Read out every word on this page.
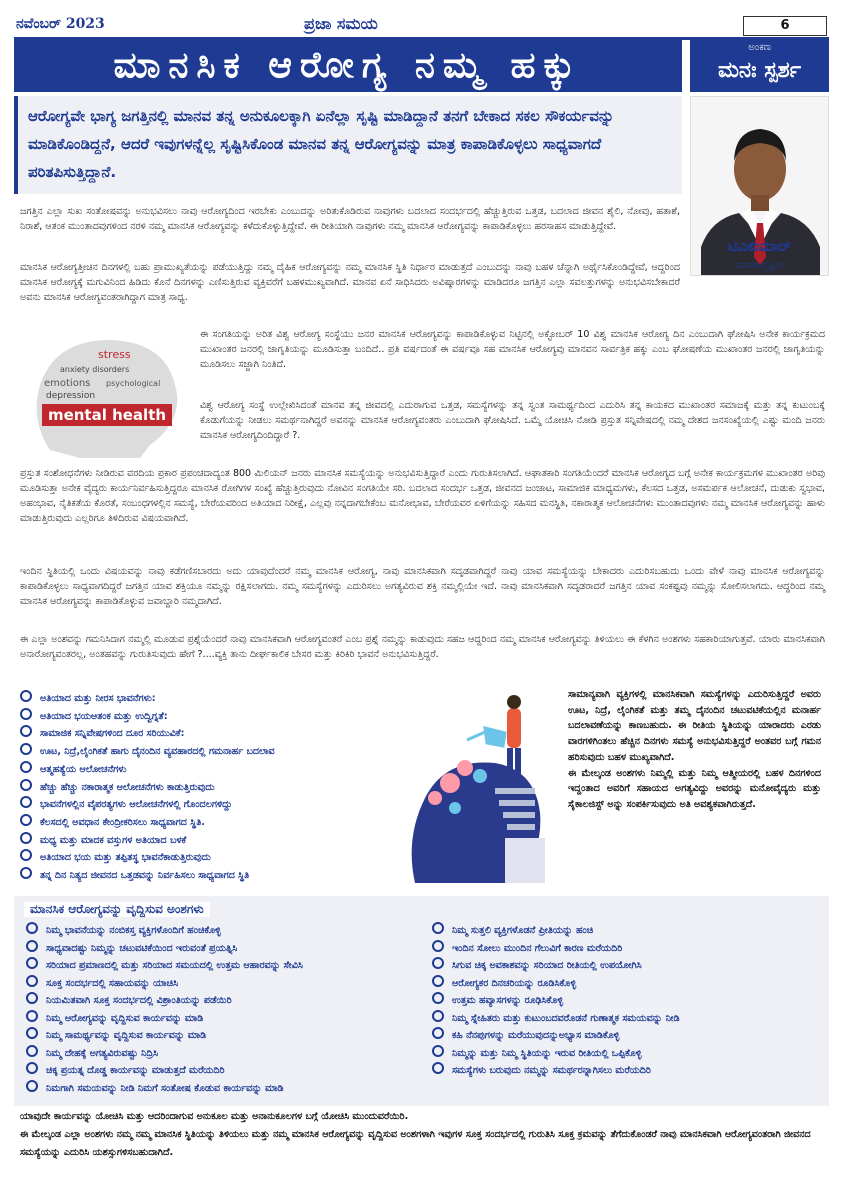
ನವೆಂಬರ್ 2023	ಪ್ರಜಾ ಸಮಯ	6
ಮಾನಸಿಕ ಆರೋಗ್ಯ ನಮ್ಮ ಹಕ್ಕು	ಅಂಕಣ
ಮನಃ ಸ್ಪರ್ಶ

ಆರೋಗ್ಯವೇ ಭಾಗ್ಯ ಜಗತ್ತಿನಲ್ಲಿ ಮಾನವ ತನ್ನ ಅನುಕೂಲಕ್ಕಾಗಿ ಏನೆಲ್ಲಾ ಸೃಷ್ಟಿ ಮಾಡಿದ್ದಾನೆ ತನಗೆ ಬೇಕಾದ ಸಕಲ ಸೌಕರ್ಯವನ್ನು ಮಾಡಿಕೊಂಡಿದ್ದನೆ, ಆದರೆ ಇವುಗಳನ್ನೆಲ್ಲ ಸೃಷ್ಟಿಸಿಕೊಂಡ ಮಾನವ ತನ್ನ ಆರೋಗ್ಯವನ್ನು ಮಾತ್ರ ಕಾಪಾಡಿಕೊಳ್ಳಲು ಸಾಧ್ಯವಾಗದೆ ಪರಿತಪಿಸುತ್ತಿದ್ದಾನೆ.

ಟಿವಿಕುಮಾರ್
ಮನಃಶಾಸ್ತ್ರಜ್ಞರು

ಜಗತ್ತಿನ ಎಲ್ಲಾ ಸುಖ ಸಂತೋಷವನ್ನು ಅನುಭವಿಸಲು ನಾವು ಆರೋಗ್ಯದಿಂದ ಇರಬೇಕು ಎಂಬುದನ್ನು ಅರಿತುಕೊಡಿರುವ ನಾವುಗಳು ಬದಲಾದ ಸಂದರ್ಭದಲ್ಲಿ ಹೆಚ್ಚುತ್ತಿರುವ ಒತ್ತಡ, ಬದಲಾದ ಜೀವನ ಶೈಲಿ, ನೋವು, ಹತಾಶೆ, ನಿರಾಶೆ, ಆತಂಕ ಮುಂತಾದವುಗಳಿಂದ ನರಳಿ ನಮ್ಮ ಮಾನಸಿಕ ಆರೋಗ್ಯವನ್ನು ಕಳೆದುಕೊಳ್ಳುತ್ತಿದ್ದೇವೆ. ಈ ರೀತಿಯಾಗಿ ನಾವುಗಳು ನಮ್ಮ ಮಾನಸಿಕ ಆರೋಗ್ಯವನ್ನು ಕಾಪಾಡಿಕೊಳ್ಳಲು ಹರಸಾಹಸ ಮಾಡುತ್ತಿದ್ದೇವೆ.

ಮಾನಸಿಕ ಆರೋಗ್ಯತ್ತೀಚಿನ ದಿನಗಳಲ್ಲಿ ಬಹು ಪ್ರಾಮುಖ್ಯತೆಯನ್ನು ಪಡೆಯುತ್ತಿದ್ದು ನಮ್ಮ ದೈಹಿಕ ಆರೋಗ್ಯವನ್ನು ನಮ್ಮ ಮಾನಸಿಕ ಸ್ಥಿತಿ ನಿರ್ಧಾರ ಮಾಡುತ್ತದೆ ಎಂಬುದನ್ನು ನಾವು ಬಹಳ ಚೆನ್ನಾಗಿ ಅರ್ಥೈಸಿಕೊಂಡಿದ್ದೇವೆ, ಆದ್ದರಿಂದ ಮಾನಸಿಕ ಆರೋಗ್ಯಕ್ಕೆ ಮಗುವಿನಿಂದ ಹಿಡಿದು ಕೊನೆ ದಿನಗಳನ್ನು ಎಣಿಸುತ್ತಿರುವ ವ್ಯಕ್ತಿವರೆಗೆ ಬಹಳಮುಖ್ಯವಾಗಿದೆ. ಮಾನವ ಏನೆ ಸಾಧಿಸಿದರು ಅವಿಷ್ಕಾರಗಳನ್ನು ಮಾಡಿದರೂ ಜಗತ್ತಿನ ಎಲ್ಲಾ ಸವಲತ್ತುಗಳನ್ನು ಅನುಭವಿಸಬೇಕಾದರೆ ಅವನು ಮಾನಸಿಕ ಆರೋಗ್ಯವಂತರಾಗಿದ್ದಾಗ ಮಾತ್ರ ಸಾಧ್ಯ.

stress
anxiety disorders
emotions psychological
depression
mental health

ಈ ಸಂಗತಿಯನ್ನು ಅರಿತ ವಿಶ್ವ ಆರೋಗ್ಯ ಸಂಸ್ಥೆಯು ಜನರ ಮಾನಸಿಕ ಆರೋಗ್ಯವನ್ನು ಕಾಪಾಡಿಕೊಳ್ಳುವ ನಿಟ್ಟಿನಲ್ಲಿ ಅಕ್ಟೋಬರ್ 10 ವಿಶ್ವ ಮಾನಸಿಕ ಆರೋಗ್ಯ ದಿನ ಎಂಬುದಾಗಿ ಘೋಷಿಸಿ ಅನೇಕ ಕಾರ್ಯಕ್ರಮದ ಮುಖಾಂತರ ಜನರಲ್ಲಿ ಜಾಗೃತಿಯನ್ನು ಮೂಡಿಸುತ್ತಾ ಬಂದಿದೆ.. ಪ್ರತಿ ವರ್ಷದಂತೆ ಈ ವರ್ಷವೂ ಸಹ ಮಾನಸಿಕ ಆರೋಗ್ಯವು ಮಾನವನ ಸಾರ್ವತ್ರಿಕ ಹಕ್ಕು ಎಂಬ ಘೋಷಣೆಯ ಮುಖಾಂತರ ಜನರಲ್ಲಿ ಜಾಗೃತಿಯನ್ನು ಮೂಡಿಸಲು ಸಜ್ಜಾಗಿ ನಿಂತಿದೆ.

ವಿಶ್ವ ಆರೋಗ್ಯ ಸಂಸ್ಥೆ ಉಲ್ಲೇಖಿಸಿದಂತೆ ಮಾನವ ತನ್ನ ಜೀವದಲ್ಲಿ ಎದುರಾಗುವ ಒತ್ತಡ, ಸಮಸ್ಯೆಗಳನ್ನು ತನ್ನ ಸ್ವಂತ ಸಾಮರ್ಥ್ಯದಿಂದ ಎದುರಿಸಿ ತನ್ನ ಕಾಯಕದ ಮುಖಾಂತರ ಸಮಾಜಕ್ಕೆ ಮತ್ತು ತನ್ನ ಕುಟುಂಬಕ್ಕೆ ಕೊಡುಗೆಯನ್ನು ನೀಡಲು ಸಮರ್ಥನಾಗಿದ್ದರೆ ಅವನನ್ನು ಮಾನಸಿಕ ಆರೋಗ್ಯವಂತರು ಎಂಬುದಾಗಿ ಘೋಷಿಸಿದೆ. ಒಮ್ಮೆ ಯೋಚಿಸಿ ನೋಡಿ ಪ್ರಸ್ತುತ ಸನ್ನಿವೇಷದಲ್ಲಿ ನಮ್ಮ ದೇಶದ ಜನಸಂಖ್ಯೆಯಲ್ಲಿ ಎಷ್ಟು ಮಂದಿ ಜನರು ಮಾನಸಿಕ ಆರೋಗ್ಯದಿಂದಿದ್ದಾರೆ ?.

ಪ್ರಸ್ತುತ ಸಂಶೋಧನೆಗಳು ನೀಡಿರುವ ವರದಿಯ ಪ್ರಕಾರ ಪ್ರಪಂಚದಾದ್ಯಂತ 800 ಮಿಲಿಯನ್ ಜನರು ಮಾನಸಿಕ ಸಮಸ್ಯೆಯನ್ನು ಅನುಭವಿಸುತ್ತಿದ್ದಾರೆ ಎಂದು ಗುರುತಿಸಲಾಗಿದೆ. ಆಘಾತಕಾರಿ ಸಂಗತಿಯೆಂದರೆ ಮಾನಸಿಕ ಆರೋಗ್ಯದ ಬಗ್ಗೆ ಅನೇಕ ಕಾರ್ಯಕ್ರಮಗಳ ಮುಖಾಂತರ ಅರಿವು ಮೂಡಿಸುತ್ತಾ ಅನೇಕ ವೈದ್ಯರು ಕಾರ್ಯನಿರ್ವಹಿಸುತ್ತಿದ್ದರೂ ಮಾನಸಿಕ ರೋಗಿಗಳ ಸಂಖ್ಯೆ ಹೆಚ್ಚುತ್ತಿರುವುದು ನೋವಿನ ಸಂಗತಿಯೇ ಸರಿ. ಬದಲಾದ ಸಂದರ್ಭ ಒತ್ತಡ, ಜೀವನದ ಜಂಜಾಟ, ಸಾಮಾಜಿಕ ಮಾಧ್ಯಮಗಳು, ಕೆಲಸದ ಒತ್ತಡ, ಅಸಮರ್ಪಕ ಆಲೋಚನೆ, ದುಡುಕು ಸ್ವಭಾವ, ಅಹಂಭಾವ, ನೈತಿಕತೆಯ ಕೊರತೆ, ಸಂಬಂಧಗಳಲ್ಲಿನ ಸಮಸ್ಯೆ, ಬೇರೆಯವರಿಂದ ಅತಿಯಾದ ನಿರೀಕ್ಷೆ, ಎಲ್ಲವು ನನ್ನದಾಗಬೇಕೆಂಬ ಮನೋಭಾವ, ಬೇರೆಯವರ ಏಳಿಗೆಯನ್ನು ಸಹಿಸದ ಮನಸ್ಥಿತಿ, ನಕಾರಾತ್ಮಕ ಆಲೋಚನೆಗಳು ಮುಂತಾದವುಗಳು ನಮ್ಮ ಮಾನಸಿಕ ಆರೋಗ್ಯವನ್ನು ಹಾಳು ಮಾಡುತ್ತಿರುವುದು ಎಲ್ಲರಿಗೂ ತಿಳಿದಿರುವ ವಿಷಯವಾಗಿದೆ.

ಇಂದಿನ ಸ್ಥಿತಿಯಲ್ಲಿ ಒಂದು ವಿಷಯವನ್ನು ನಾವು ಕಡೆಗಣಿಸಬಾರದು ಅದು ಯಾವುದೆಂದರೆ ನಮ್ಮ ಮಾನಸಿಕ ಆರೋಗ್ಯ, ನಾವು ಮಾನಸಿಕವಾಗಿ ಸದೃಡವಾಗಿದ್ದರೆ ನಾವು ಯಾವ ಸಮಸ್ಯೆಯನ್ನು ಬೇಕಾದರು ಎದುರಿಸಬಹುದು ಒಂದು ವೇಳೆ ನಾವು ಮಾನಸಿಕ ಆರೋಗ್ಯವನ್ನು ಕಾಪಾಡಿಕೊಳ್ಳಲು ಸಾಧ್ಯವಾಗದಿದ್ದರೆ ಜಗತ್ತಿನ ಯಾವ ಶಕ್ತಿಯೂ ನಮ್ಮನ್ನು ರಕ್ಷಿಸಲಾಗದು. ನಮ್ಮ ಸಮಸ್ಯೆಗಳನ್ನು ಎದುರಿಸಲು ಅಗತ್ಯವಿರುವ ಶಕ್ತಿ ನಮ್ಮಲ್ಲಿಯೇ ಇದೆ. ನಾವು ಮಾನಸಿಕವಾಗಿ ಸದೃಡರಾದರೆ ಜಗತ್ತಿನ ಯಾವ ಸಂಕಷ್ಟವು ನಮ್ಮನ್ನು ಸೋಲಿಸಲಾಗದು. ಆದ್ದರಿಂದ ನಮ್ಮ ಮಾನಸಿಕ ಆರೋಗ್ಯವನ್ನು ಕಾಪಾಡಿಕೊಳ್ಳುವ ಜವಾಬ್ದಾರಿ ನಮ್ಮದಾಗಿದೆ.

ಈ ಎಲ್ಲಾ ಅಂಶವನ್ನು ಗಮನಿಸಿದಾಗ ನಮ್ಮಲ್ಲಿ ಮೂಡುವ ಪ್ರಶ್ನೆಯೆಂದರೆ ನಾವು ಮಾನಸಿಕವಾಗಿ ಆರೋಗ್ಯವಂತರೆ ಎಂಬ ಪ್ರಶ್ನೆ ನಮ್ಮನ್ನು ಕಾಡುವುದು ಸಹಜ ಆದ್ದರಿಂದ ನಮ್ಮ ಮಾನಸಿಕ ಆರೋಗ್ಯವನ್ನು ತಿಳಿಯಲು ಈ ಕೆಳಗಿನ ಅಂಶಗಳು ಸಹಕಾರಿಯಾಗುತ್ತವೆ. ಯಾರು ಮಾನಸಿಕವಾಗಿ ಅನಾರೋಗ್ಯವಂತರಲ್ಲ, ಅಂತಹವನ್ನು ಗುರುತಿಸುವುದು ಹೇಗೆ ?....ವ್ಯಕ್ತಿ ತಾನು ದೀರ್ಘಕಾಲಿಕ ಬೇಸರ ಮತ್ತು ಕಿರಿಕಿರಿ ಭಾವನೆ ಅನುಭವಿಸುತ್ತಿದ್ದರೆ.

ಅತಿಯಾದ ಮತ್ತು ನೀರಸ ಭಾವನೆಗಳು:
ಅತಿಯಾದ ಭಯಆತಂಕ ಮತ್ತು ಉದ್ವಿಗ್ನತೆ:
ಸಾಮಾಜಿಕ ಸನ್ನಿವೇಷಗಳಿಂದ ದೂರ ಸರಿಯುವಿಕೆ:
ಊಟ, ನಿದ್ರೆ,ಲೈಂಗಿಕತೆ ಹಾಗು ದೈನಂದಿನ ವ್ಯವಹಾರದಲ್ಲಿ ಗಮನಾರ್ಹ ಬದಲಾವ
ಆತ್ಮಹತ್ಯೆಯ ಆಲೋಚನೆಗಳು
ಹೆಚ್ಚು ಹೆಚ್ಚು ನಕಾರಾತ್ಮಕ ಆಲೋಚನೆಗಳು ಕಾಡುತ್ತಿರುವುದು
ಭಾವನೆಗಳಲ್ಲಿನ ವೈಪರತ್ಯಗಳು ಆಲೋಚನೆಗಳಲ್ಲಿ ಗೊಂದಲಗಳಿದ್ದು
ಕೆಲಸದಲ್ಲಿ ಅವಧಾನ ಕೇಂದ್ರೀಕರಿಸಲು ಸಾಧ್ಯವಾಗದ ಸ್ಥಿತಿ.
ಮಧ್ಯ ಮತ್ತು ಮಾದಕ ವಸ್ತುಗಳ ಅತಿಯಾದ ಬಳಕೆ
ಅತಿಯಾದ ಭಯ ಮತ್ತು ತಪ್ಪಿತಸ್ಥ ಭಾವನೆಕಾಡುತ್ತಿರುವುದು
ತನ್ನ ದಿನ ನಿತ್ಯದ ಜೀವನದ ಒತ್ತಡವನ್ನು ನಿರ್ವಹಿಸಲು ಸಾಧ್ಯವಾಗದ ಸ್ಥಿತಿ

ಸಾಮಾನ್ಯವಾಗಿ ವ್ಯಕ್ತಿಗಳಲ್ಲಿ ಮಾನಸಿಕವಾಗಿ ಸಮಸ್ಯೆಗಳನ್ನು ಎದುರಿಸುತ್ತಿದ್ದರೆ ಅವರು ಊಟ, ನಿದ್ರೆ, ಲೈಂಗಿಕತೆ ಮತ್ತು ತಮ್ಮ ದೈನಂದಿನ ಚಟುವಟಿಕೆಯಲ್ಲಿನ ಮನಾರ್ಹ ಬದಲಾವಣೆಯನ್ನು ಕಾಣಬಹುದು. ಈ ರೀತಿಯ ಸ್ಥಿತಿಯನ್ನು ಯಾರಾದರು ಎರಡು ವಾರಗಳಿಗಿಂತಲು ಹೆಚ್ಚಿನ ದಿನಗಳು ಸಮಸ್ಯೆ ಅನುಭವಿಸುತ್ತಿದ್ದರೆ ಅಂತವರ ಬಗ್ಗೆ ಗಮನ ಹರಿಸುವುದು ಬಹಳ ಮುಖ್ಯವಾಗಿದೆ.

ಈ ಮೇಲ್ಕಂಡ ಅಂಶಗಳು ನಿಮ್ಮಲ್ಲಿ ಮತ್ತು ನಿಮ್ಮ ಆತ್ಮೀಯರಲ್ಲಿ ಬಹಳ ದಿನಗಳಿಂದ ಇದ್ದಂತಾದ ಅವರಿಗೆ ಸಹಾಯದ ಅಗತ್ಯವಿದ್ದು ಅವರನ್ನು ಮನೋವೈದ್ಯರು ಮತ್ತು ಸೈಕಾಲಜಿಸ್ಟ್ ಅನ್ನು ಸಂಪರ್ಕಿಸುವುದು ಅತಿ ಅವಶ್ಯಕವಾಗಿರುತ್ತದೆ.

ಮಾನಸಿಕ ಆರೋಗ್ಯವನ್ನು ವೃದ್ದಿಸುವ ಅಂಶಗಳು
ನಿಮ್ಮ ಭಾವನೆಯನ್ನು ನಂಬಿಕಸ್ತ ವ್ಯಕ್ತಿಗಳೊಂದಿಗೆ ಹಂಚಿಕೊಳ್ಳಿ
ಸಾಧ್ಯವಾದಷ್ಟು ನಿಮ್ಮನ್ನು ಚಟುವಟಿಕೆಯಿಂದ ಇರುವಂತೆ ಪ್ರಯತ್ನಿಸಿ
ಸರಿಯಾದ ಪ್ರಮಾಣದಲ್ಲಿ ಮತ್ತು ಸರಿಯಾದ ಸಮಯದಲ್ಲಿ ಉತ್ತಮ ಆಹಾರವನ್ನು ಸೇವಿಸಿ
ಸೂಕ್ತ ಸಂದರ್ಭದಲ್ಲಿ ಸಹಾಯವನ್ನು ಯಾಚಿಸಿ
ನಿಯಮಿತವಾಗಿ ಸೂಕ್ತ ಸಂದರ್ಭದಲ್ಲಿ ವಿಶ್ರಾಂತಿಯನ್ನು ಪಡೆಯಿರಿ
ನಿಮ್ಮ ಆರೋಗ್ಯವನ್ನು ವೃದ್ದಿಸುವ ಕಾರ್ಯವನ್ನು ಮಾಡಿ
ನಿಮ್ಮ ಸಾಮರ್ಥ್ಯವನ್ನು ವೃದ್ದಿಸುವ ಕಾರ್ಯವನ್ನು ಮಾಡಿ
ನಿಮ್ಮ ದೇಹಕ್ಕೆ ಅಗತ್ಯವಿರುವಷ್ಟು ನಿದ್ರಿಸಿ
ಚಿಕ್ಕ ಪ್ರಯತ್ನ ದೊಡ್ಡ ಕಾರ್ಯವನ್ನು ಮಾಡುತ್ತದೆ ಮರೆಯದಿರಿ
ನಿಮಗಾಗಿ ಸಮಯವನ್ನು ನೀಡಿ ನಿಮಗೆ ಸಂತೋಷ ಕೊಡುವ ಕಾರ್ಯವನ್ನು ಮಾಡಿ
ನಿಮ್ಮ ಸುತ್ತಲಿ ವ್ಯಕ್ತಿಗಳೊಡನೆ ಪ್ರೀತಿಯನ್ನು ಹಂಚಿ
ಇಂದಿನ ಸೋಲು ಮುಂದಿನ ಗೆಲುವಿಗೆ ಕಾರಣ ಮರೆಯದಿರಿ
ಸಿಗುವ ಚಿಕ್ಕ ಅವಕಾಶವನ್ನು ಸರಿಯಾದ ರೀತಿಯಲ್ಲಿ ಉಪಯೋಗಿಸಿ
ಆರೋಗ್ಯಕರ ದಿನಚರಿಯನ್ನು ರೂಡಿಸಿಕೊಳ್ಳಿ
ಉತ್ತಮ ಹವ್ಯಾಸಗಳನ್ನು ರೂಢಿಸಿಕೊಳ್ಳಿ
ನಿಮ್ಮ ಸ್ನೇಹಿತರು ಮತ್ತು ಕುಟುಂಬದವರೊಡನೆ ಗುಣಾತ್ಮಕ ಸಮಯವನ್ನು ನೀಡಿ
ಕಹಿ ನೆನಪುಗಳನ್ನು ಮರೆಯುವುದನ್ನುಅಭ್ಯಾಸ ಮಾಡಿಕೊಳ್ಳಿ
ನಿಮ್ಮನ್ನು ಮತ್ತು ನಿಮ್ಮ ಸ್ಥಿತಿಯನ್ನು ಇರುವ ರೀತಿಯಲ್ಲಿ ಒಪ್ಪಿಕೊಳ್ಳಿ
ಸಮಸ್ಯೆಗಳು ಬರುವುದು ನಮ್ಮನ್ನು ಸಮರ್ಥರನ್ನಾಗಿಸಲು ಮರೆಯದಿರಿ
ಯಾವುದೇ ಕಾರ್ಯವನ್ನು ಯೋಚಿಸಿ ಮತ್ತು ಆದರಿಂದಾಗುವ ಅನುಕೂಲ ಮತ್ತು ಅನಾನುಕೂಲಗಳ ಬಗ್ಗೆ ಯೋಚಿಸಿ ಮುಂದುವರೆಯಿರಿ.
ಈ ಮೇಲ್ಕಂಡ ಎಲ್ಲಾ ಅಂಶಗಳು ನಮ್ಮ ನಮ್ಮ ಮಾನಸಿಕ ಸ್ಥಿತಿಯನ್ನು ತಿಳಿಯಲು ಮತ್ತು ನಮ್ಮ ಮಾನಸಿಕ ಆರೋಗ್ಯವನ್ನು ವೃದ್ದಿಸುವ ಅಂಶಗಳಾಗಿ ಇವುಗಳ ಸೂಕ್ತ ಸಂದರ್ಭದಲ್ಲಿ ಗುರುತಿಸಿ ಸೂಕ್ತ ಕ್ರಮವನ್ನು ತೆಗೆದುಕೊಂಡರೆ ನಾವು ಮಾನಸಿಕವಾಗಿ ಆರೋಗ್ಯವಂತರಾಗಿ ಜೀವನದ ಸಮಸ್ಯೆಯನ್ನು ಎದುರಿಸಿ ಯಶಸ್ಸುಗಳಿಸಬಹುದಾಗಿದೆ.
